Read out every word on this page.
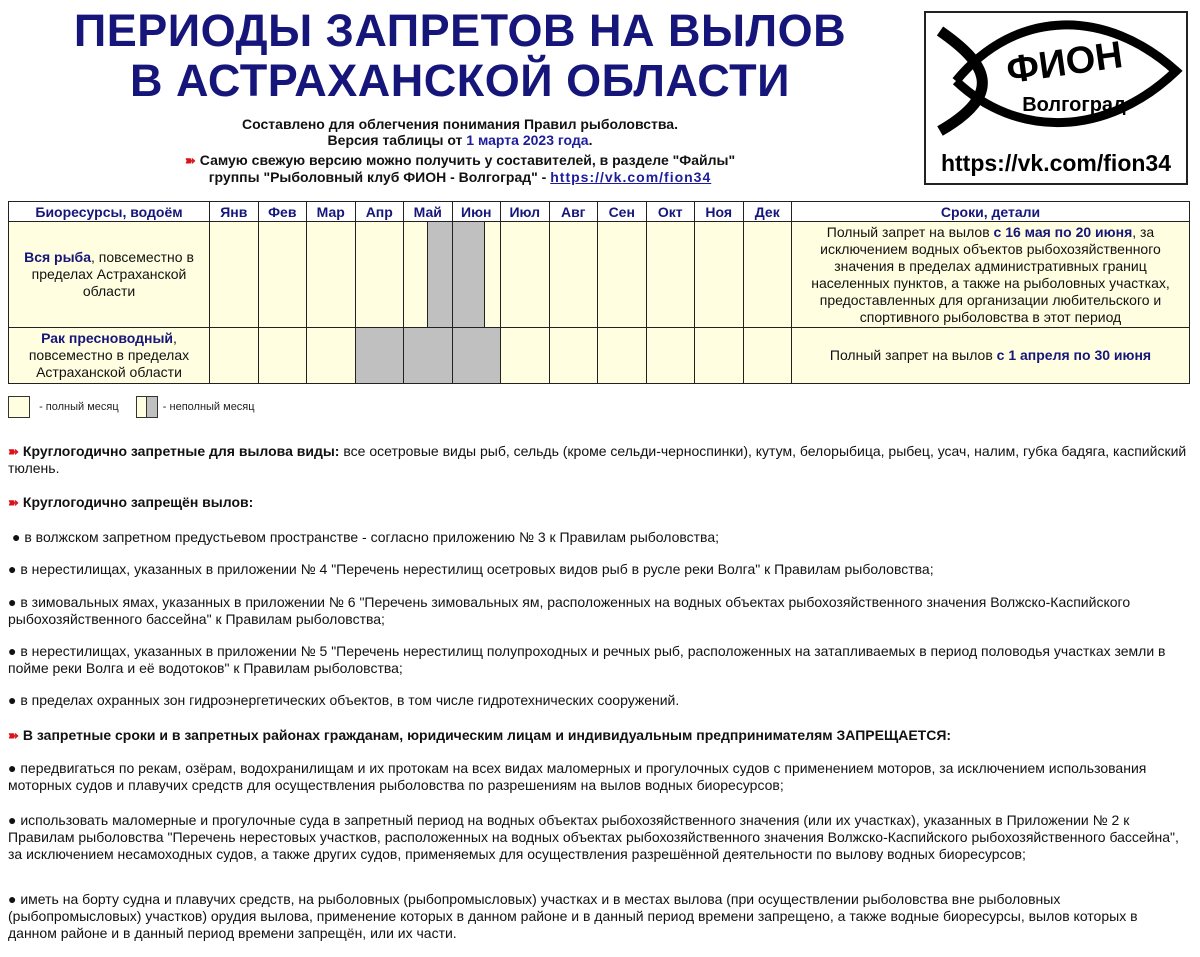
ПЕРИОДЫ ЗАПРЕТОВ НА ВЫЛОВ
В АСТРАХАНСКОЙ ОБЛАСТИ
Составлено для облегчения понимания Правил рыболовства.
Версия таблицы от 1 марта 2023 года.
➽ Самую свежую версию можно получить у составителей, в разделе "Файлы"
группы "Рыболовный клуб ФИОН - Волгоград" - https://vk.com/fion34
ФИОН
Волгоград
https://vk.com/fion34
Биоресурсы, водоём	Янв	Фев	Мар	Апр	Май	Июн	Июл	Авг	Сен	Окт	Ноя	Дек	Сроки, детали
Вся рыба, повсеместно в пределах Астраханской области													Полный запрет на вылов с 16 мая по 20 июня, за исключением водных объектов рыбохозяйственного значения в пределах административных границ населенных пунктов, а также на рыболовных участках, предоставленных для организации любительского и спортивного рыболовства в этот период
Рак пресноводный, повсеместно в пределах Астраханской области													Полный запрет на вылов с 1 апреля по 30 июня
- полный месяц	- неполный месяц
➽ Круглогодично запретные для вылова виды: все осетровые виды рыб, сельдь (кроме сельди-черноспинки), кутум, белорыбица, рыбец, усач, налим, губка бадяга, каспийский тюлень.
➽ Круглогодично запрещён вылов:
● в волжском запретном предустьевом пространстве - согласно приложению № 3 к Правилам рыболовства;
● в нерестилищах, указанных в приложении № 4 "Перечень нерестилищ осетровых видов рыб в русле реки Волга" к Правилам рыболовства;
● в зимовальных ямах, указанных в приложении № 6 "Перечень зимовальных ям, расположенных на водных объектах рыбохозяйственного значения Волжско-Каспийского рыбохозяйственного бассейна" к Правилам рыболовства;
● в нерестилищах, указанных в приложении № 5 "Перечень нерестилищ полупроходных и речных рыб, расположенных на затапливаемых в период половодья участках земли в пойме реки Волга и её водотоков" к Правилам рыболовства;
● в пределах охранных зон гидроэнергетических объектов, в том числе гидротехнических сооружений.
➽ В запретные сроки и в запретных районах гражданам, юридическим лицам и индивидуальным предпринимателям ЗАПРЕЩАЕТСЯ:
● передвигаться по рекам, озёрам, водохранилищам и их протокам на всех видах маломерных и прогулочных судов с применением моторов, за исключением использования моторных судов и плавучих средств для осуществления рыболовства по разрешениям на вылов водных биоресурсов;
● использовать маломерные и прогулочные суда в запретный период на водных объектах рыбохозяйственного значения (или их участках), указанных в Приложении № 2 к Правилам рыболовства "Перечень нерестовых участков, расположенных на водных объектах рыбохозяйственного значения Волжско-Каспийского рыбохозяйственного бассейна", за исключением несамоходных судов, а также других судов, применяемых для осуществления разрешённой деятельности по вылову водных биоресурсов;
● иметь на борту судна и плавучих средств, на рыболовных (рыбопромысловых) участках и в местах вылова (при осуществлении рыболовства вне рыболовных (рыбопромысловых) участков) орудия вылова, применение которых в данном районе и в данный период времени запрещено, а также водные биоресурсы, вылов которых в данном районе и в данный период времени запрещён, или их части.
